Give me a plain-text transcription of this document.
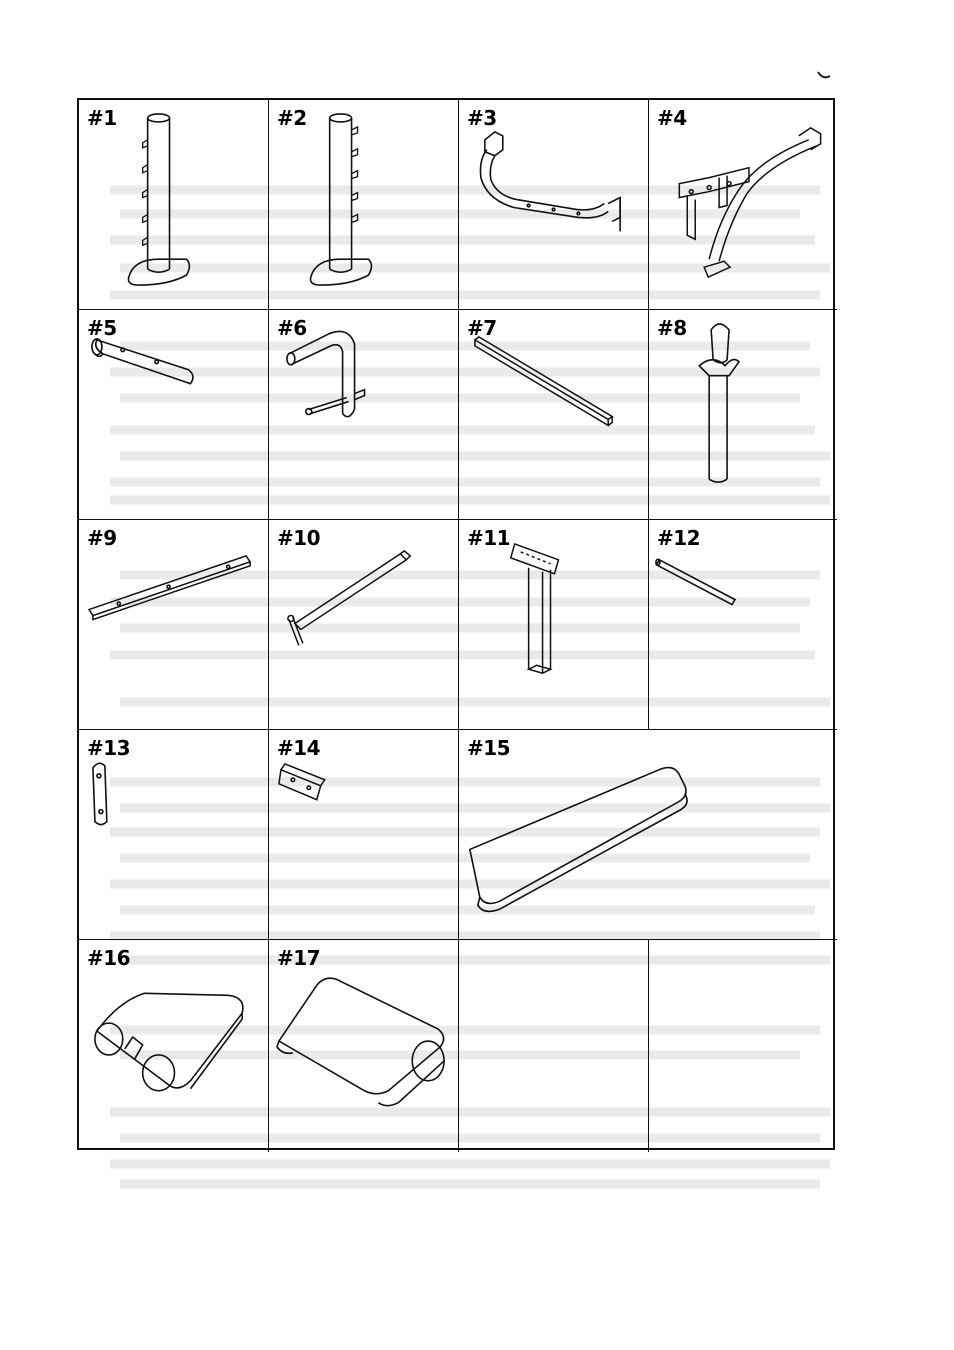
#1	#2	#3	#4
#5	#6	#7	#8
#9	#10	#11	#12
#13	#14	#15
#16	#17
